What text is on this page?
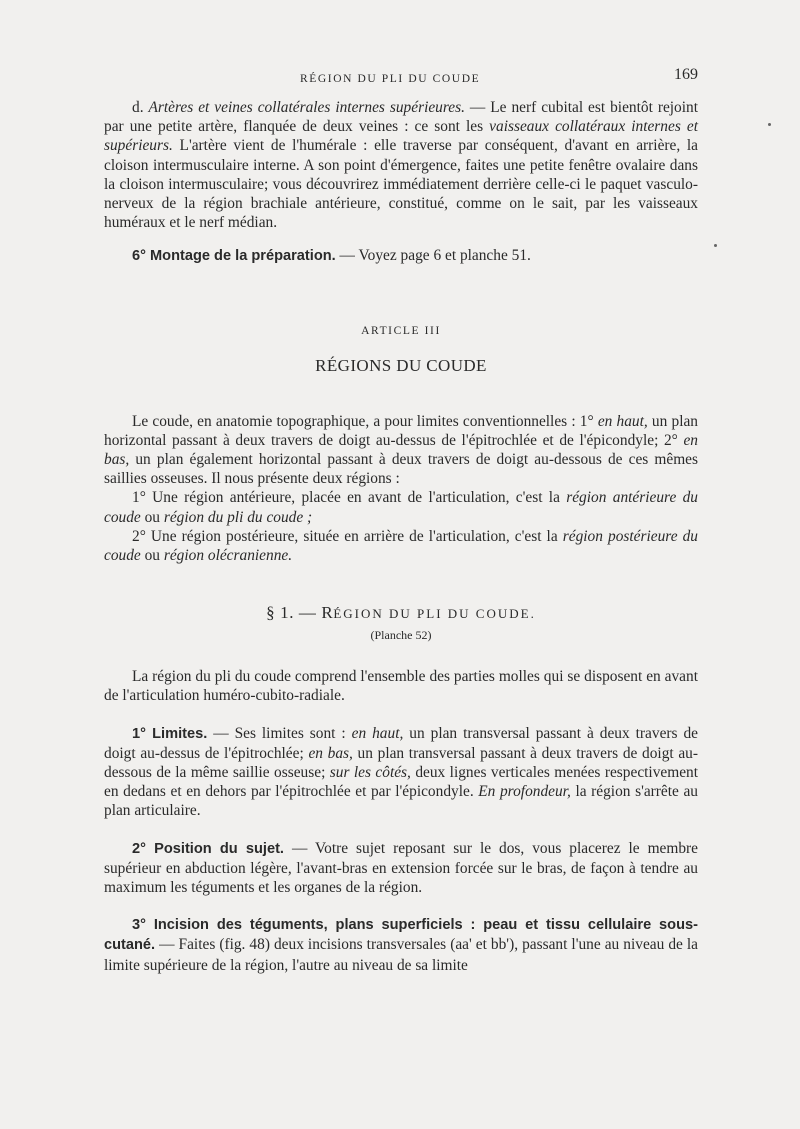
RÉGION DU PLI DU COUDE	169

d. Artères et veines collatérales internes supérieures. — Le nerf cubital est bientôt rejoint par une petite artère, flanquée de deux veines : ce sont les vaisseaux collatéraux internes et supérieurs. L'artère vient de l'humérale : elle traverse par conséquent, d'avant en arrière, la cloison intermusculaire interne. A son point d'émergence, faites une petite fenêtre ovalaire dans la cloison intermusculaire; vous découvrirez immédiatement derrière celle-ci le paquet vasculo-nerveux de la région brachiale antérieure, constitué, comme on le sait, par les vaisseaux huméraux et le nerf médian.

6° Montage de la préparation. — Voyez page 6 et planche 51.

ARTICLE III
RÉGIONS DU COUDE

Le coude, en anatomie topographique, a pour limites conventionnelles : 1° en haut, un plan horizontal passant à deux travers de doigt au-dessus de l'épitrochlée et de l'épicondyle; 2° en bas, un plan également horizontal passant à deux travers de doigt au-dessous de ces mêmes saillies osseuses. Il nous présente deux régions :

1° Une région antérieure, placée en avant de l'articulation, c'est la région antérieure du coude ou région du pli du coude ;

2° Une région postérieure, située en arrière de l'articulation, c'est la région postérieure du coude ou région olécranienne.

§ 1. — RÉGION DU PLI DU COUDE.
(Planche 52)

La région du pli du coude comprend l'ensemble des parties molles qui se disposent en avant de l'articulation huméro-cubito-radiale.

1° Limites. — Ses limites sont : en haut, un plan transversal passant à deux travers de doigt au-dessus de l'épitrochlée; en bas, un plan transversal passant à deux travers de doigt au-dessous de la même saillie osseuse; sur les côtés, deux lignes verticales menées respectivement en dedans et en dehors par l'épitrochlée et par l'épicondyle. En profondeur, la région s'arrête au plan articulaire.

2° Position du sujet. — Votre sujet reposant sur le dos, vous placerez le membre supérieur en abduction légère, l'avant-bras en extension forcée sur le bras, de façon à tendre au maximum les téguments et les organes de la région.

3° Incision des téguments, plans superficiels : peau et tissu cellulaire souscutané. — Faites (fig. 48) deux incisions transversales (aa' et bb'), passant l'une au niveau de la limite supérieure de la région, l'autre au niveau de sa limite
